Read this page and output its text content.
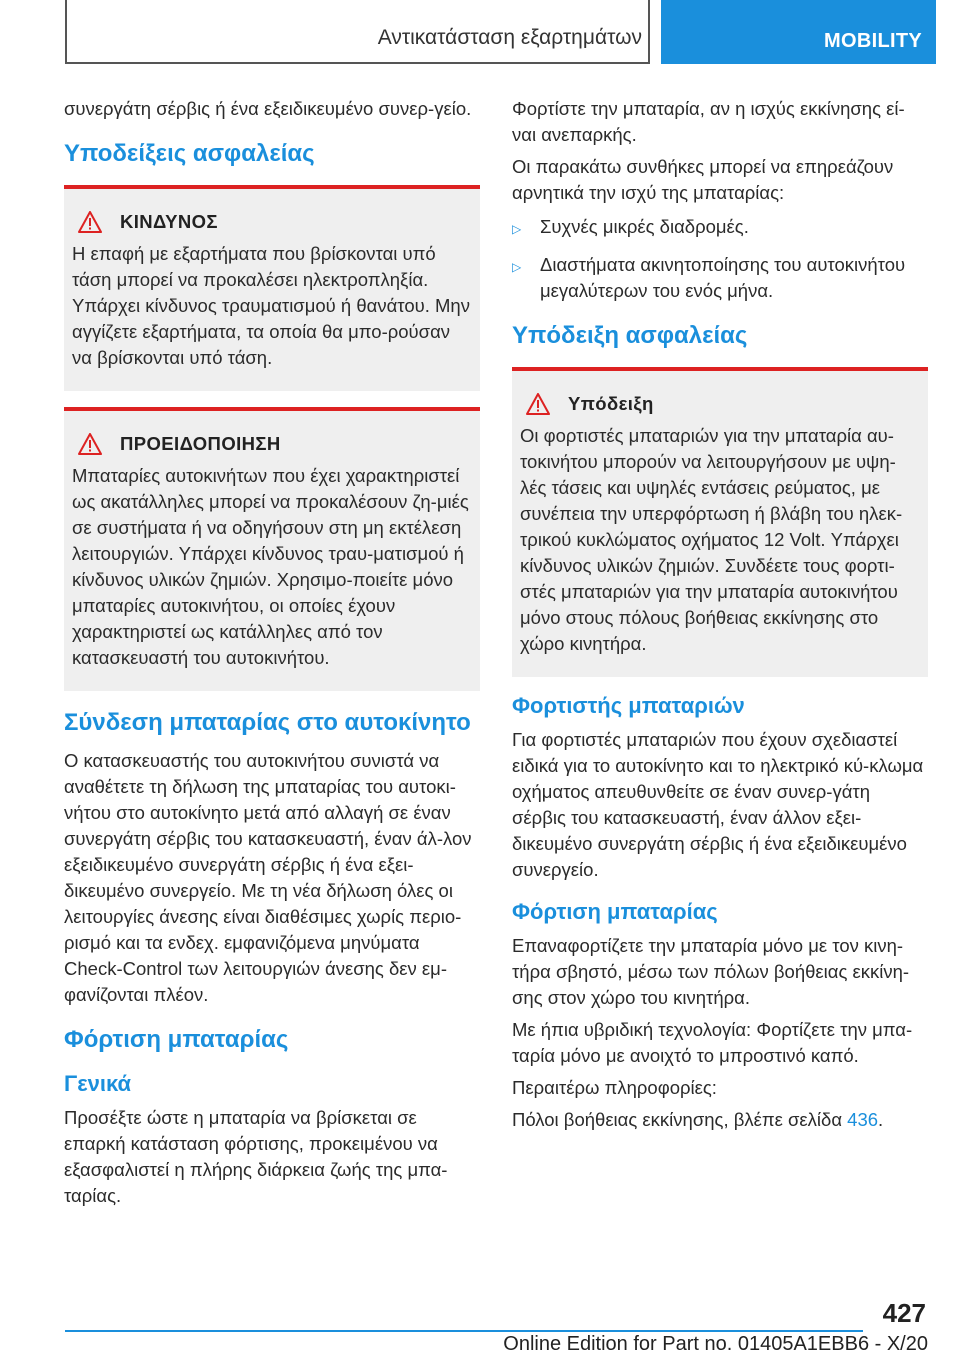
Αντικατάσταση εξαρτημάτων	MOBILITY

συνεργάτη σέρβις ή ένα εξειδικευμένο συνερ-γείο.

Υποδείξεις ασφαλείας
ΚΙΝΔΥΝΟΣ

Η επαφή με εξαρτήματα που βρίσκονται υπό τάση μπορεί να προκαλέσει ηλεκτροπληξία. Υπάρχει κίνδυνος τραυματισμού ή θανάτου. Μην αγγίζετε εξαρτήματα, τα οποία θα μπο-ρούσαν να βρίσκονται υπό τάση.

ΠΡΟΕΙΔΟΠΟΙΗΣΗ

Μπαταρίες αυτοκινήτων που έχει χαρακτηριστεί ως ακατάλληλες μπορεί να προκαλέσουν ζη-μιές σε συστήματα ή να οδηγήσουν στη μη εκτέλεση λειτουργιών. Υπάρχει κίνδυνος τραυ-ματισμού ή κίνδυνος υλικών ζημιών. Χρησιμο-ποιείτε μόνο μπαταρίες αυτοκινήτου, οι οποίες έχουν χαρακτηριστεί ως κατάλληλες από τον κατασκευαστή του αυτοκινήτου.

Σύνδεση μπαταρίας στο αυτοκίνητο

Ο κατασκευαστής του αυτοκινήτου συνιστά να αναθέτετε τη δήλωση της μπαταρίας του αυτοκι-νήτου στο αυτοκίνητο μετά από αλλαγή σε έναν συνεργάτη σέρβις του κατασκευαστή, έναν άλ-λον εξειδικευμένο συνεργάτη σέρβις ή ένα εξει-δικευμένο συνεργείο. Με τη νέα δήλωση όλες οι λειτουργίες άνεσης είναι διαθέσιμες χωρίς περιο-ρισμό και τα ενδεχ. εμφανιζόμενα μηνύματα Check-Control των λειτουργιών άνεσης δεν εμ-φανίζονται πλέον.

Φόρτιση μπαταρίας
Γενικά

Προσέξτε ώστε η μπαταρία να βρίσκεται σε επαρκή κατάσταση φόρτισης, προκειμένου να εξασφαλιστεί η πλήρης διάρκεια ζωής της μπα-ταρίας.

Φορτίστε την μπαταρία, αν η ισχύς εκκίνησης εί-ναι ανεπαρκής.

Οι παρακάτω συνθήκες μπορεί να επηρεάζουν αρνητικά την ισχύ της μπαταρίας:

▷	Συχνές μικρές διαδρομές.
▷	Διαστήματα ακινητοποίησης του αυτοκινήτου μεγαλύτερων του ενός μήνα.
Υπόδειξη ασφαλείας
Υπόδειξη

Οι φορτιστές μπαταριών για την μπαταρία αυ-τοκινήτου μπορούν να λειτουργήσουν με υψη-λές τάσεις και υψηλές εντάσεις ρεύματος, με συνέπεια την υπερφόρτωση ή βλάβη του ηλεκ-τρικού κυκλώματος οχήματος 12 Volt. Υπάρχει κίνδυνος υλικών ζημιών. Συνδέετε τους φορτι-στές μπαταριών για την μπαταρία αυτοκινήτου μόνο στους πόλους βοήθειας εκκίνησης στο χώρο κινητήρα.

Φορτιστής μπαταριών

Για φορτιστές μπαταριών που έχουν σχεδιαστεί ειδικά για το αυτοκίνητο και το ηλεκτρικό κύ-κλωμα οχήματος απευθυνθείτε σε έναν συνερ-γάτη σέρβις του κατασκευαστή, έναν άλλον εξει-δικευμένο συνεργάτη σέρβις ή ένα εξειδικευμένο συνεργείο.

Φόρτιση μπαταρίας

Επαναφορτίζετε την μπαταρία μόνο με τον κινη-τήρα σβηστό, μέσω των πόλων βοήθειας εκκίνη-σης στον χώρο του κινητήρα.

Με ήπια υβριδική τεχνολογία: Φορτίζετε την μπα-ταρία μόνο με ανοιχτό το μπροστινό καπό.

Περαιτέρω πληροφορίες:

Πόλοι βοήθειας εκκίνησης, βλέπε σελίδα 436.

427
Online Edition for Part no. 01405A1EBB6 - X/20
